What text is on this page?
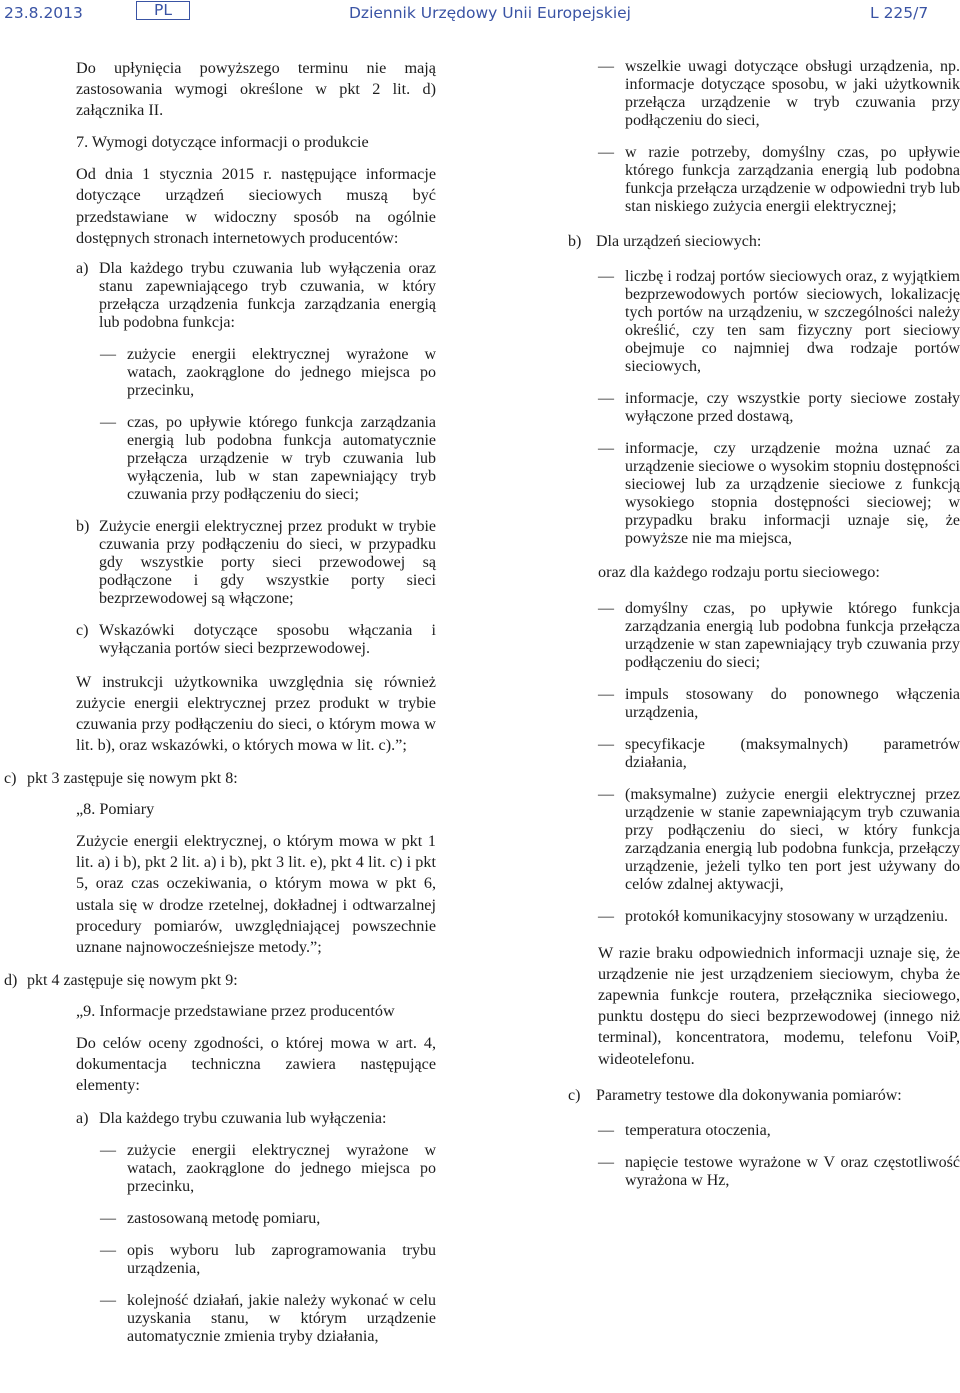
23.8.2013	PL	Dziennik Urzędowy Unii Europejskiej	L 225/7

Do upłynięcia powyższego terminu nie mają zastosowania wymogi określone w pkt 2 lit. d) załącznika II.

7. Wymogi dotyczące informacji o produkcie

Od dnia 1 stycznia 2015 r. następujące informacje dotyczące urządzeń sieciowych muszą być przedstawiane w widoczny sposób na ogólnie dostępnych stronach internetowych producentów:

a) Dla każdego trybu czuwania lub wyłączenia oraz stanu zapewniającego tryb czuwania, w który przełącza urządzenia funkcja zarządzania energią lub podobna funkcja:
— zużycie energii elektrycznej wyrażone w watach, zaokrąglone do jednego miejsca po przecinku,
— czas, po upływie którego funkcja zarządzania energią lub podobna funkcja automatycznie przełącza urządzenie w tryb czuwania lub wyłączenia, lub w stan zapewniający tryb czuwania przy podłączeniu do sieci;
b) Zużycie energii elektrycznej przez produkt w trybie czuwania przy podłączeniu do sieci, w przypadku gdy wszystkie porty sieci przewodowej są podłączone i gdy wszystkie porty sieci bezprzewodowej są włączone;
c) Wskazówki dotyczące sposobu włączania i wyłączania portów sieci bezprzewodowej.

W instrukcji użytkownika uwzględnia się również zużycie energii elektrycznej przez produkt w trybie czuwania przy podłączeniu do sieci, o którym mowa w lit. b), oraz wskazówki, o których mowa w lit. c).”;

c) pkt 3 zastępuje się nowym pkt 8:

„8. Pomiary

Zużycie energii elektrycznej, o którym mowa w pkt 1 lit. a) i b), pkt 2 lit. a) i b), pkt 3 lit. e), pkt 4 lit. c) i pkt 5, oraz czas oczekiwania, o którym mowa w pkt 6, ustala się w drodze rzetelnej, dokładnej i odtwarzalnej procedury pomiarów, uwzględniającej powszechnie uznane najnowocześniejsze metody.”;

d) pkt 4 zastępuje się nowym pkt 9:

„9. Informacje przedstawiane przez producentów

Do celów oceny zgodności, o której mowa w art. 4, dokumentacja techniczna zawiera następujące elementy:

a) Dla każdego trybu czuwania lub wyłączenia:
— zużycie energii elektrycznej wyrażone w watach, zaokrąglone do jednego miejsca po przecinku,
— zastosowaną metodę pomiaru,
— opis wyboru lub zaprogramowania trybu urządzenia,
— kolejność działań, jakie należy wykonać w celu uzyskania stanu, w którym urządzenie automatycznie zmienia tryby działania,
— wszelkie uwagi dotyczące obsługi urządzenia, np. informacje dotyczące sposobu, w jaki użytkownik przełącza urządzenie w tryb czuwania przy podłączeniu do sieci,
— w razie potrzeby, domyślny czas, po upływie którego funkcja zarządzania energią lub podobna funkcja przełącza urządzenie w odpowiedni tryb lub stan niskiego zużycia energii elektrycznej;
b) Dla urządzeń sieciowych:
— liczbę i rodzaj portów sieciowych oraz, z wyjątkiem bezprzewodowych portów sieciowych, lokalizację tych portów na urządzeniu, w szczególności należy określić, czy ten sam fizyczny port sieciowy obejmuje co najmniej dwa rodzaje portów sieciowych,
— informacje, czy wszystkie porty sieciowe zostały wyłączone przed dostawą,
— informacje, czy urządzenie można uznać za urządzenie sieciowe o wysokim stopniu dostępności sieciowej lub za urządzenie sieciowe z funkcją wysokiego stopnia dostępności sieciowej; w przypadku braku informacji uznaje się, że powyższe nie ma miejsca,

oraz dla każdego rodzaju portu sieciowego:

— domyślny czas, po upływie którego funkcja zarządzania energią lub podobna funkcja przełącza urządzenie w stan zapewniający tryb czuwania przy podłączeniu do sieci;
— impuls stosowany do ponownego włączenia urządzenia,
— specyfikacje (maksymalnych) parametrów działania,
— (maksymalne) zużycie energii elektrycznej przez urządzenie w stanie zapewniającym tryb czuwania przy podłączeniu do sieci, w który funkcja zarządzania energią lub podobna funkcja, przełączy urządzenie, jeżeli tylko ten port jest używany do celów zdalnej aktywacji,
— protokół komunikacyjny stosowany w urządzeniu.

W razie braku odpowiednich informacji uznaje się, że urządzenie nie jest urządzeniem sieciowym, chyba że zapewnia funkcje routera, przełącznika sieciowego, punktu dostępu do sieci bezprzewodowej (innego niż terminal), koncentratora, modemu, telefonu VoiP, wideotelefonu.

c) Parametry testowe dla dokonywania pomiarów:
— temperatura otoczenia,
— napięcie testowe wyrażone w V oraz częstotliwość wyrażona w Hz,
